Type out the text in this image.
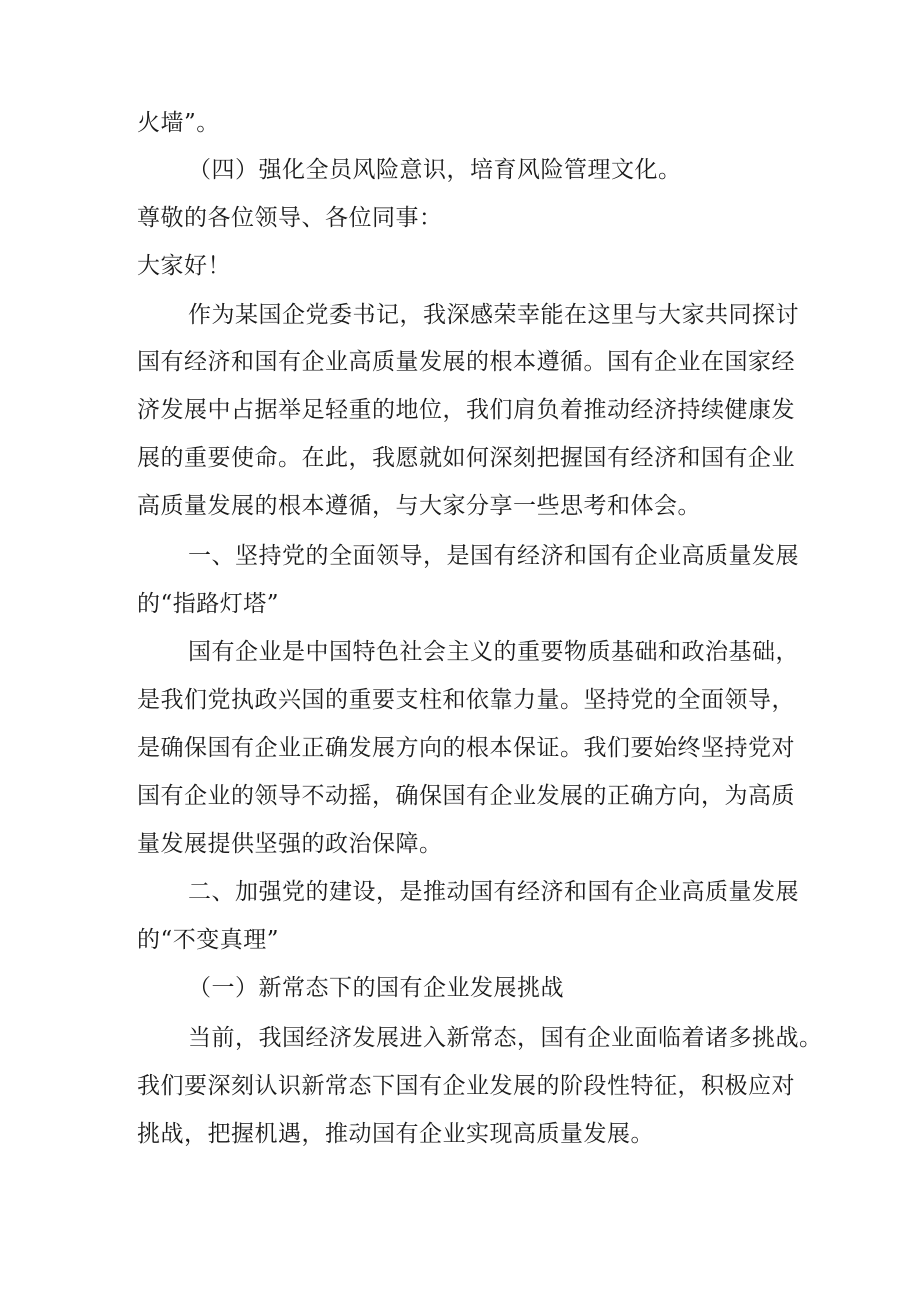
火墙”。
（四）强化全员风险意识，培育风险管理文化。
尊敬的各位领导、各位同事：
大家好！
作为某国企党委书记，我深感荣幸能在这里与大家共同探讨
国有经济和国有企业高质量发展的根本遵循。国有企业在国家经
济发展中占据举足轻重的地位，我们肩负着推动经济持续健康发
展的重要使命。在此，我愿就如何深刻把握国有经济和国有企业
高质量发展的根本遵循，与大家分享一些思考和体会。
一、坚持党的全面领导，是国有经济和国有企业高质量发展
的“指路灯塔”
国有企业是中国特色社会主义的重要物质基础和政治基础，
是我们党执政兴国的重要支柱和依靠力量。坚持党的全面领导，
是确保国有企业正确发展方向的根本保证。我们要始终坚持党对
国有企业的领导不动摇，确保国有企业发展的正确方向，为高质
量发展提供坚强的政治保障。
二、加强党的建设，是推动国有经济和国有企业高质量发展
的“不变真理”
（一）新常态下的国有企业发展挑战
当前，我国经济发展进入新常态，国有企业面临着诸多挑战。
我们要深刻认识新常态下国有企业发展的阶段性特征，积极应对
挑战，把握机遇，推动国有企业实现高质量发展。
